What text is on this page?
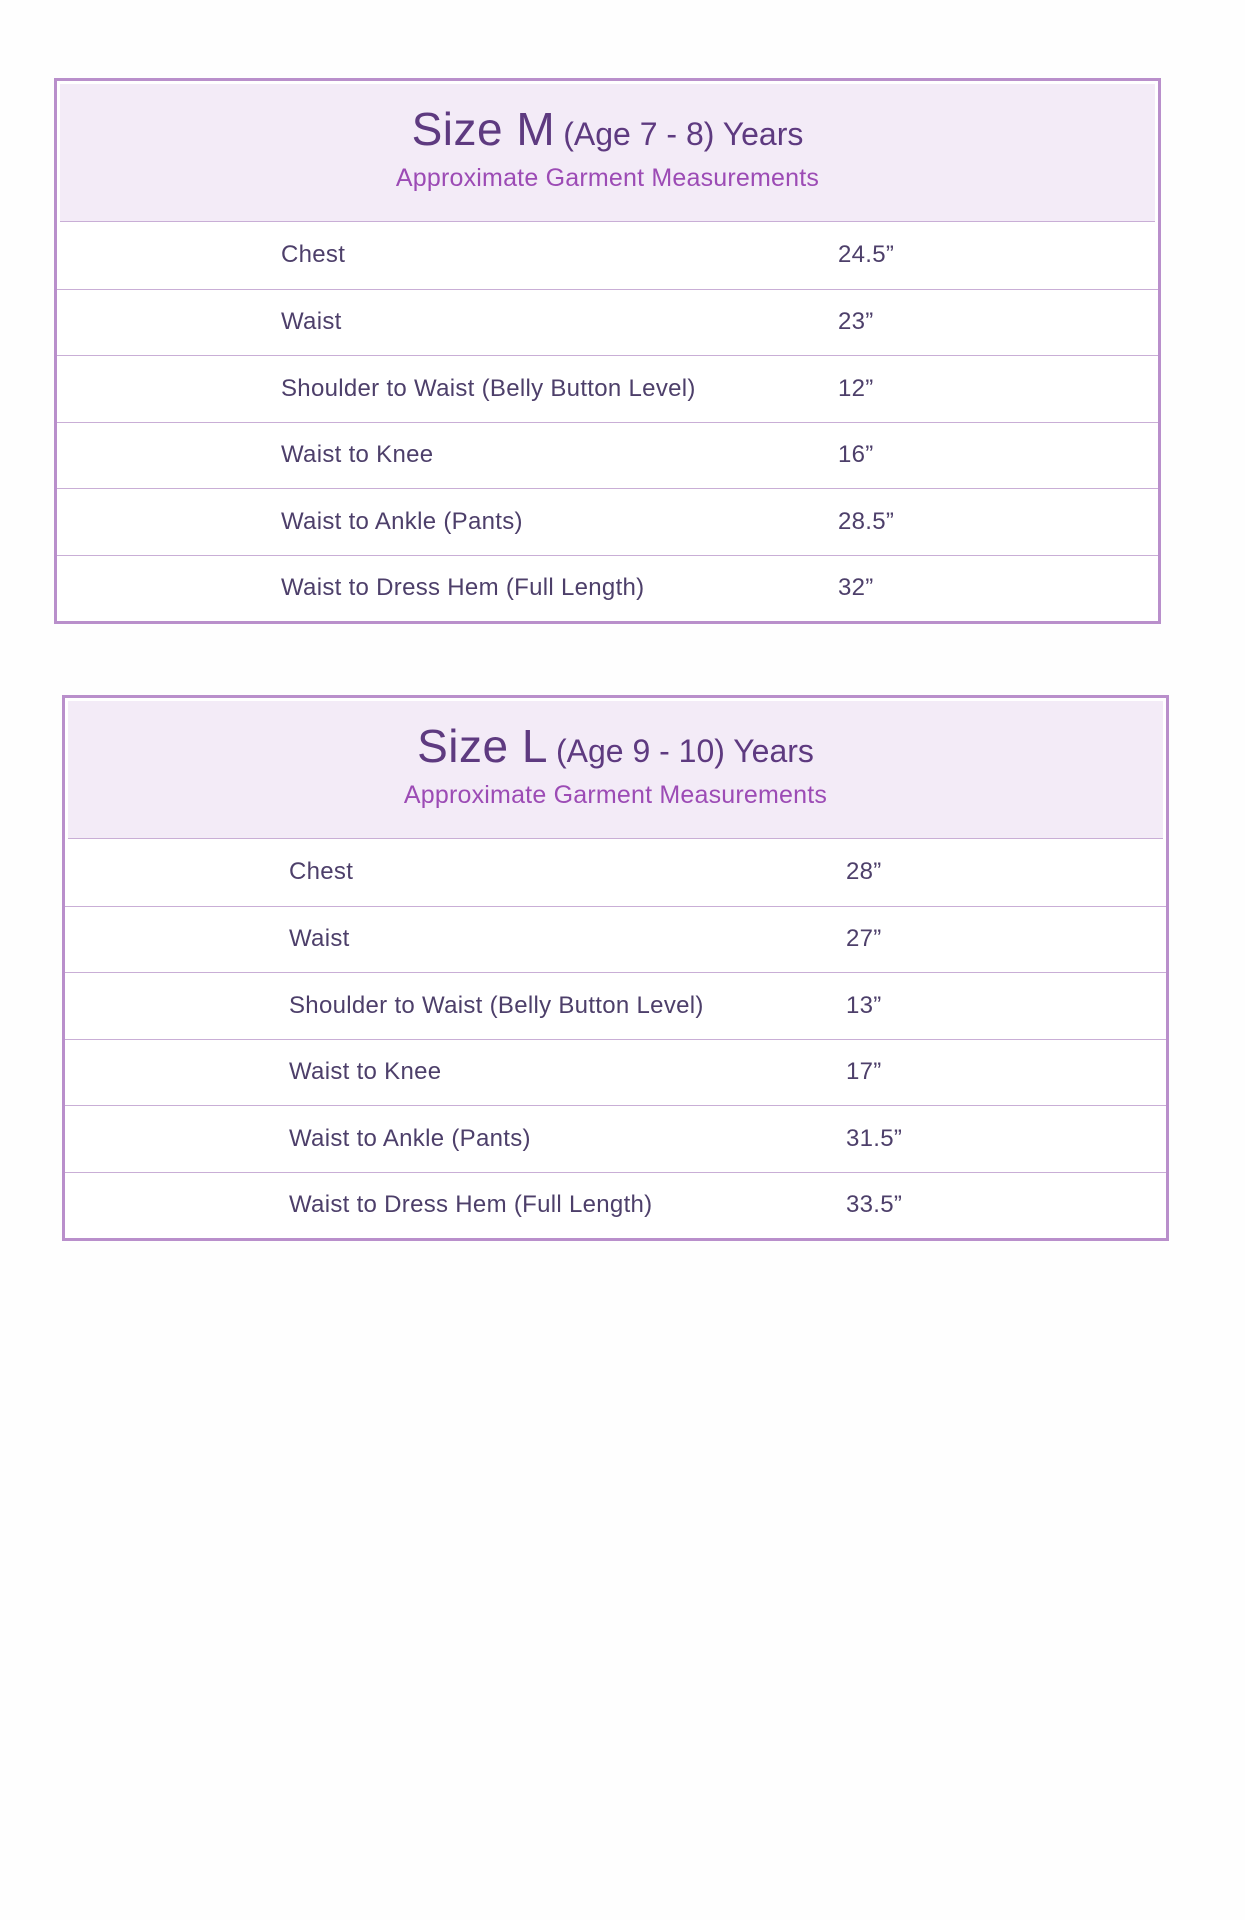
Size M (Age 7 - 8) Years
Approximate Garment Measurements
Chest	24.5”
Waist	23”
Shoulder to Waist (Belly Button Level)	12”
Waist to Knee	16”
Waist to Ankle (Pants)	28.5”
Waist to Dress Hem (Full Length)	32”
Size L (Age 9 - 10) Years
Approximate Garment Measurements
Chest	28”
Waist	27”
Shoulder to Waist (Belly Button Level)	13”
Waist to Knee	17”
Waist to Ankle (Pants)	31.5”
Waist to Dress Hem (Full Length)	33.5”
